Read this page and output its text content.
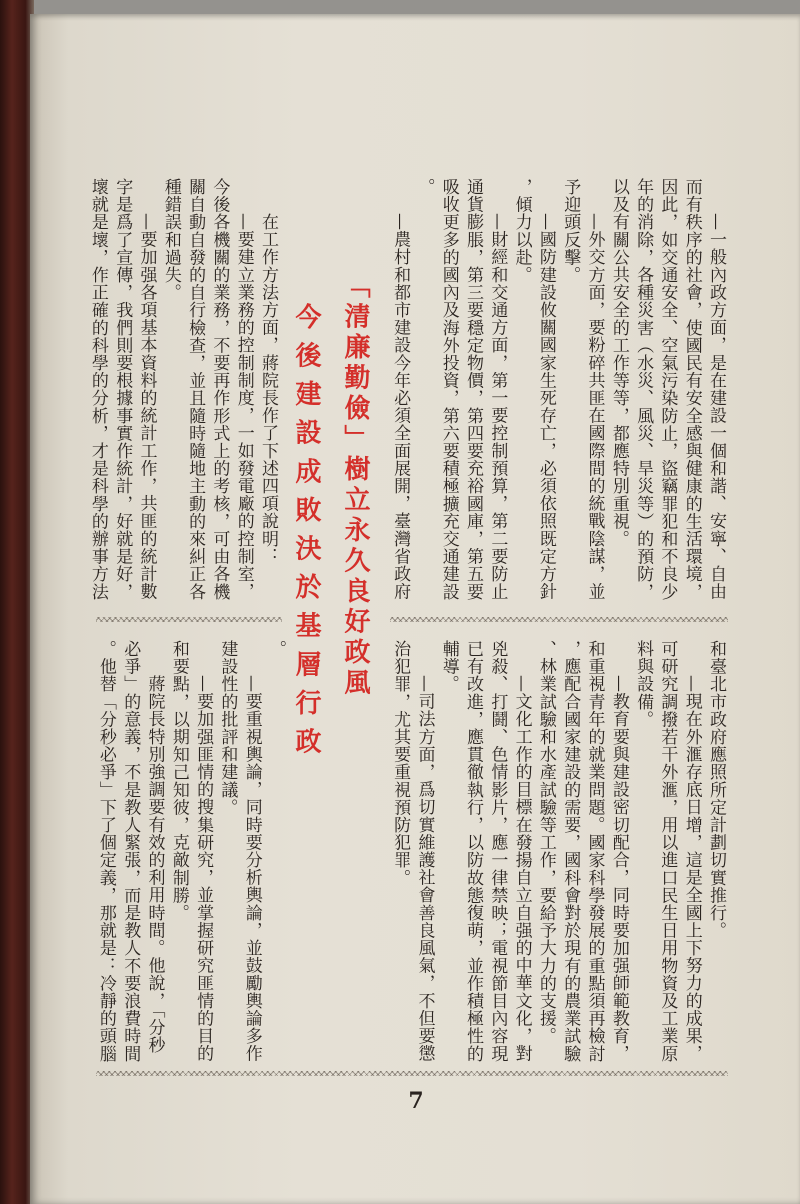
—一般內政方面，是在建設一個和諧、安寧、自由
而有秩序的社會，使國民有安全感與健康的生活環境，
因此，如交通安全、空氣污染防止，盜竊罪犯和不良少
年的消除，各種災害（水災、風災、旱災等）的預防，
以及有關公共安全的工作等等，都應特別重視。
—外交方面，要粉碎共匪在國際間的統戰陰謀，並
予迎頭反擊。
—國防建設攸關國家生死存亡，必須依照既定方針
，傾力以赴。
—財經和交通方面，第一要控制預算，第二要防止
通貨膨脹，第三要穩定物價，第四要充裕國庫，第五要
吸收更多的國內及海外投資，第六要積極擴充交通建設
。
—農村和都市建設今年必須全面展開，臺灣省政府
和臺北市政府應照所定計劃切實推行。
—現在外滙存底日增，這是全國上下努力的成果，
可研究調撥若干外滙，用以進口民生日用物資及工業原
料與設備。
—教育要與建設密切配合，同時要加强師範教育，
和重視青年的就業問題。國家科學發展的重點須再檢討
，應配合國家建設的需要，國科會對於現有的農業試驗
、林業試驗和水產試驗等工作，要給予大力的支援。
—文化工作的目標在發揚自立自强的中華文化，對
兇殺、打鬪、色情影片，應一律禁映；電視節目內容現
已有改進，應貫徹執行，以防故態復萌，並作積極性的
輔導。
—司法方面，爲切實維護社會善良風氣，不但要懲
治犯罪，尤其要重視預防犯罪。
「清廉勤儉」樹立永久良好政風
今後建設成敗決於基層行政
在工作方法方面，蔣院長作了下述四項說明：
—要建立業務的控制制度，一如發電廠的控制室，
今後各機關的業務，不要再作形式上的考核，可由各機
關自動自發的自行檢查，並且隨時隨地主動的來糾正各
種錯誤和過失。
—要加强各項基本資料的統計工作，共匪的統計數
字是爲了宣傳，我們則要根據事實作統計，好就是好，
壞就是壞，作正確的科學的分析，才是科學的辦事方法
。
—要重視輿論，同時要分析輿論，並鼓勵輿論多作
建設性的批評和建議。
—要加强匪情的搜集研究，並掌握研究匪情的目的
和要點，以期知己知彼，克敵制勝。
蔣院長特別強調要有效的利用時間。他說，「分秒
必爭」的意義，不是教人緊張，而是教人不要浪費時間
。他替「分秒必爭」下了個定義，那就是：冷靜的頭腦
7
